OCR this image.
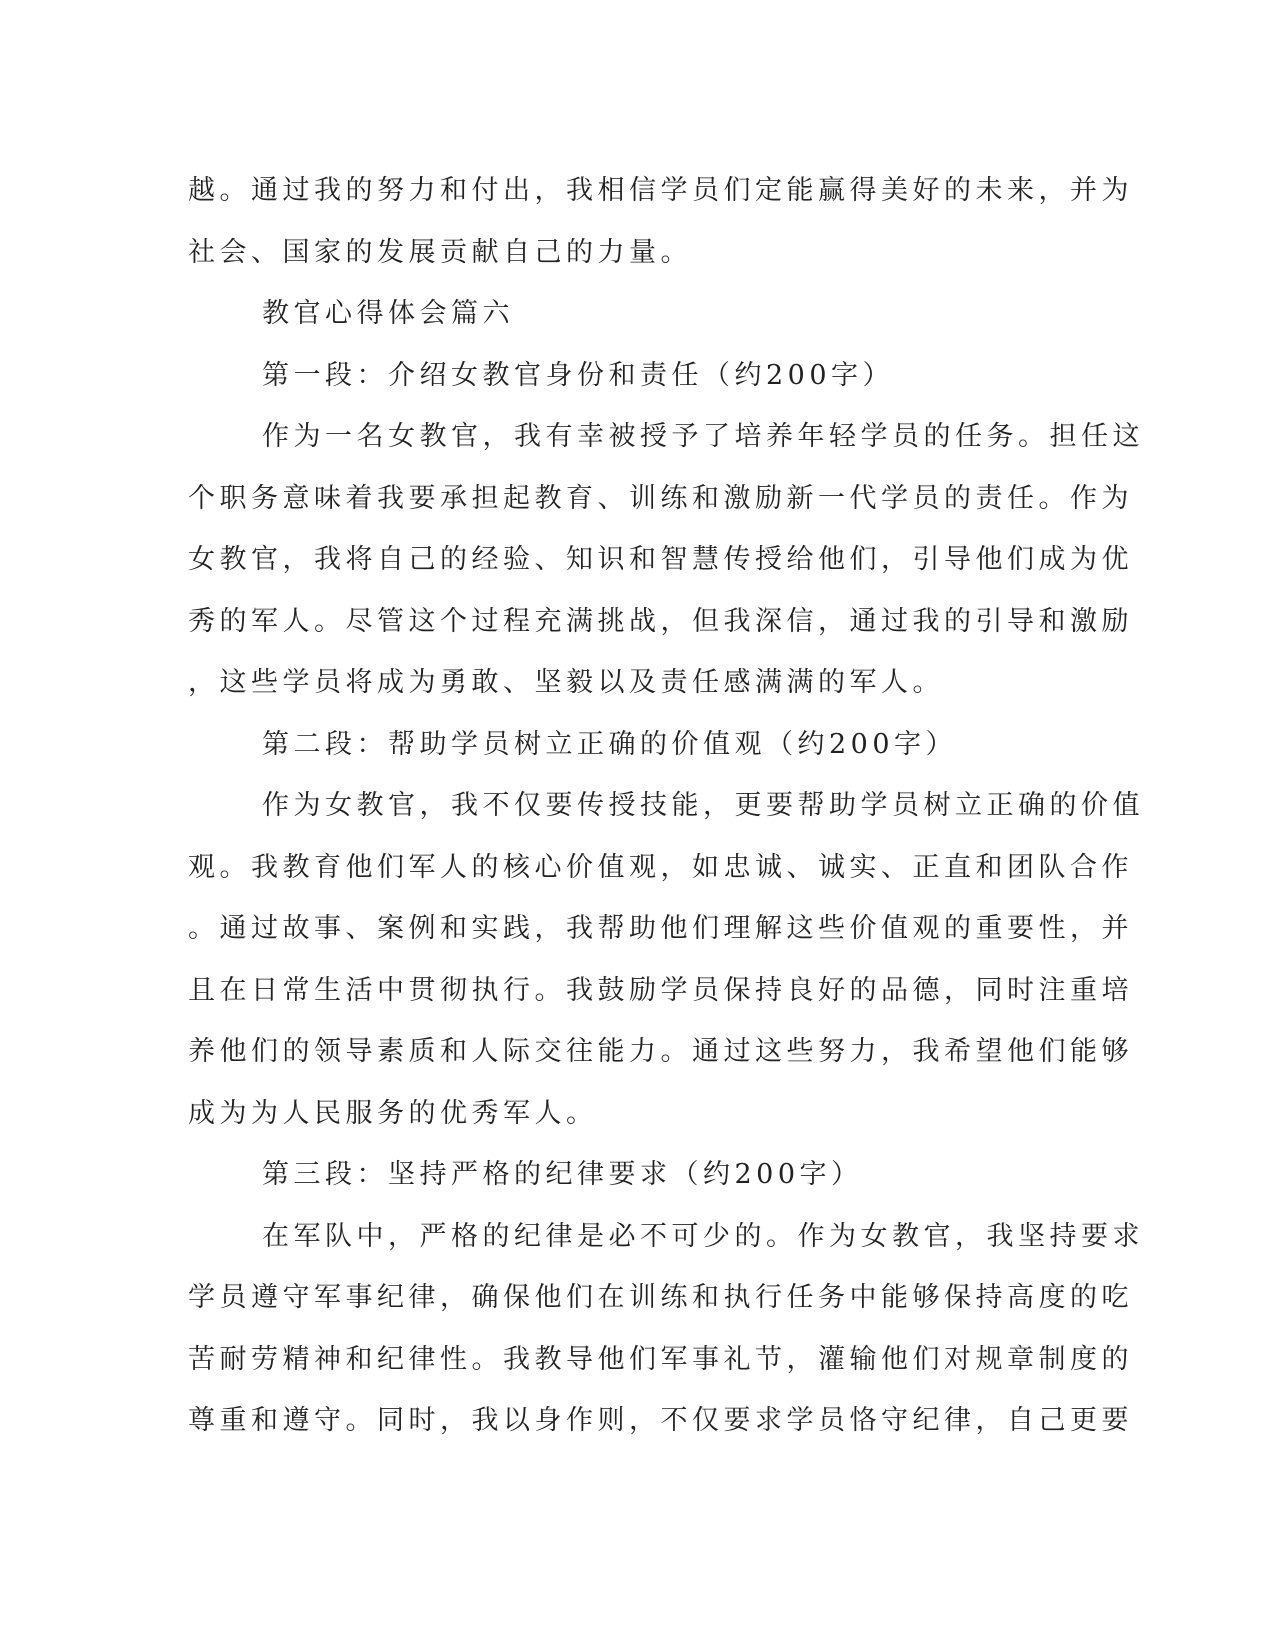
越。通过我的努力和付出，我相信学员们定能赢得美好的未来，并为
社会、国家的发展贡献自己的力量。
教官心得体会篇六
第一段：介绍女教官身份和责任（约200字）
作为一名女教官，我有幸被授予了培养年轻学员的任务。担任这
个职务意味着我要承担起教育、训练和激励新一代学员的责任。作为
女教官，我将自己的经验、知识和智慧传授给他们，引导他们成为优
秀的军人。尽管这个过程充满挑战，但我深信，通过我的引导和激励
，这些学员将成为勇敢、坚毅以及责任感满满的军人。
第二段：帮助学员树立正确的价值观（约200字）
作为女教官，我不仅要传授技能，更要帮助学员树立正确的价值
观。我教育他们军人的核心价值观，如忠诚、诚实、正直和团队合作
。通过故事、案例和实践，我帮助他们理解这些价值观的重要性，并
且在日常生活中贯彻执行。我鼓励学员保持良好的品德，同时注重培
养他们的领导素质和人际交往能力。通过这些努力，我希望他们能够
成为为人民服务的优秀军人。
第三段：坚持严格的纪律要求（约200字）
在军队中，严格的纪律是必不可少的。作为女教官，我坚持要求
学员遵守军事纪律，确保他们在训练和执行任务中能够保持高度的吃
苦耐劳精神和纪律性。我教导他们军事礼节，灌输他们对规章制度的
尊重和遵守。同时，我以身作则，不仅要求学员恪守纪律，自己更要
